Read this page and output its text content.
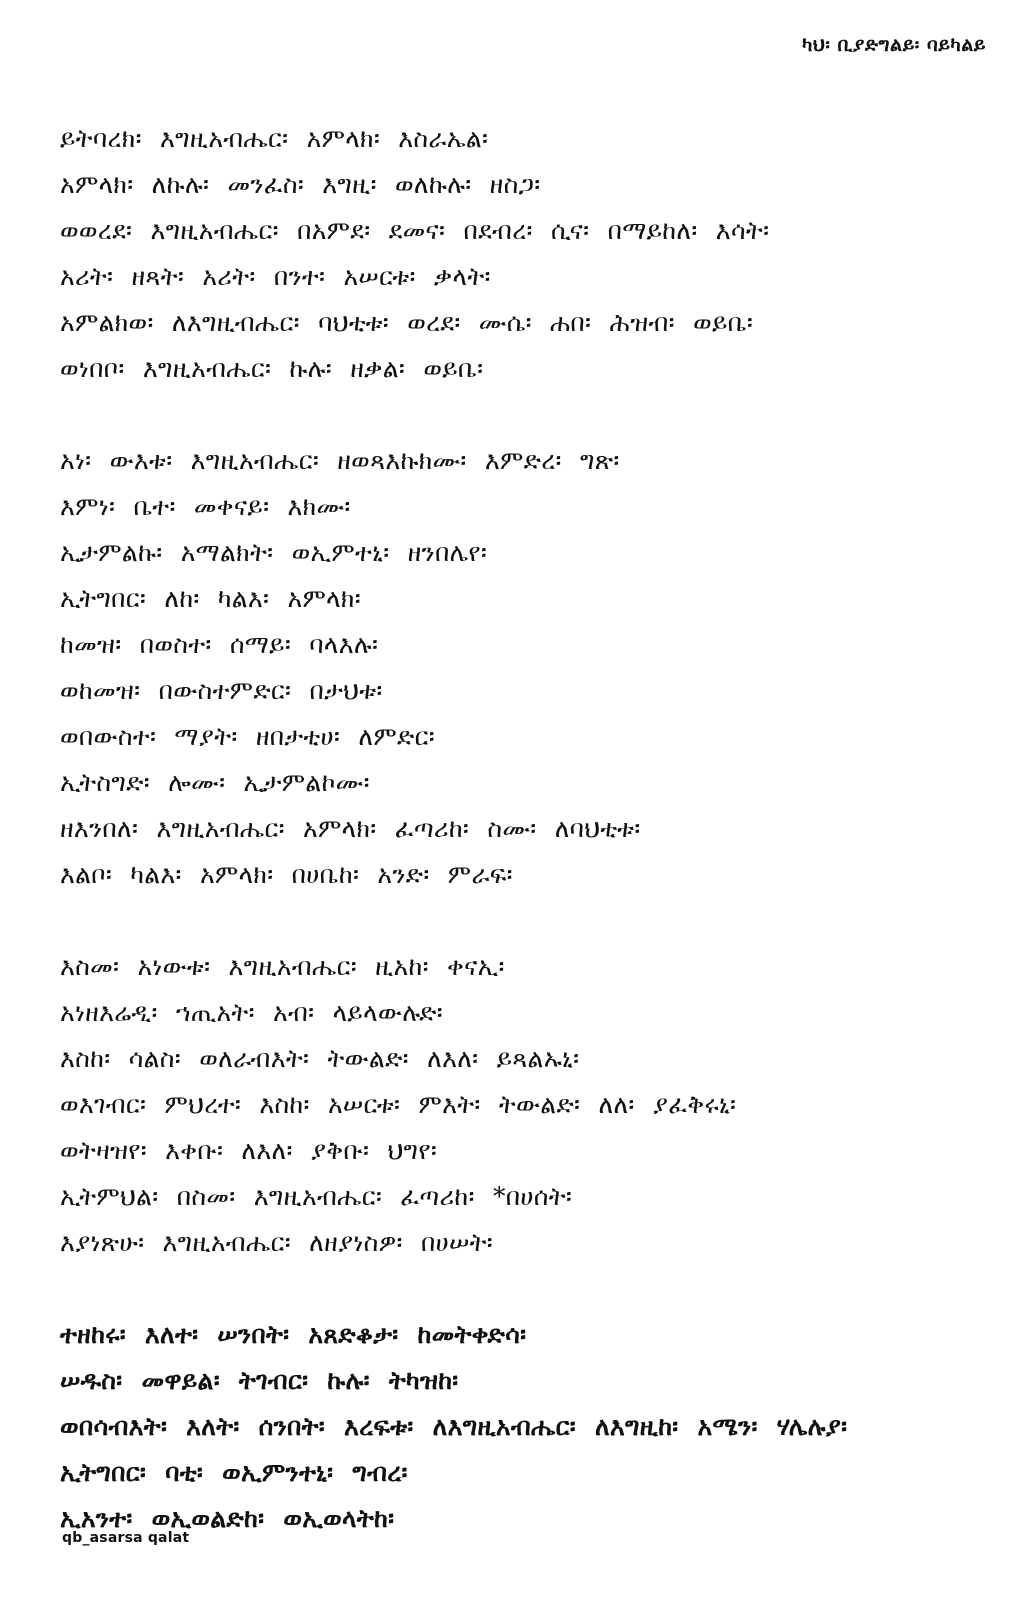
ካህ፡ ቢያድግልይ፡ ባይካልይ
ይትባረክ፡ እግዚአብሔር፡ አምላክ፡ እስራኤል፡
አምላክ፡ ለኩሉ፡ መንፈስ፡ እግዚ፡ ወለኩሉ፡ ዘስጋ፡
ወወረደ፡ እግዚአብሔር፡ በአምደ፡ ደመና፡ በደብረ፡ ሲና፡ በማይከለ፡ እሳት፡
አሪት፡ ዘጻት፡ አሪት፡ በንተ፡ አሠርቱ፡ ቃላት፡
አምልክወ፡ ለእግዚብሔር፡ ባህቲቱ፡ ወረደ፡ ሙሴ፡ ሐበ፡ ሕዝብ፡ ወይቤ፡
ወነበቦ፡ እግዚአብሔር፡ ኩሉ፡ ዘቃል፡ ወይቤ፡
አነ፡ ውእቱ፡ እግዚአብሔር፡ ዘወጻእኩክሙ፡ እምድረ፡ ግጽ፡
እምነ፡ ቤተ፡ መቀናይ፡ እክሙ፡
ኢታምልኩ፡ አማልክት፡ ወኢምተኒ፡ ዘንበሌየ፡
ኢትግበር፡ ለከ፡ ካልእ፡ አምላክ፡
ከመዝ፡ በወስተ፡ ሰማይ፡ ባላእሉ፡
ወከመዝ፡ በውስተምድር፡ በታህቱ፡
ወበውስተ፡ ማያት፡ ዘበታቲሀ፡ ለምድር፡
ኢትስግድ፡ ሎሙ፡ ኢታምልኮሙ፡
ዘእንበለ፡ እግዚአብሔር፡ አምላክ፡ ፈጣሪከ፡ ስሙ፡ ለባህቲቱ፡
እልቦ፡ ካልእ፡ አምላክ፡ በሀቤከ፡ አንድ፡ ምራፍ፡
እስመ፡ አነውቱ፡ እግዚአብሔር፡ ዚአከ፡ ቀናኢ፡
አነዘእሬዲ፡ ኀጢአት፡ አብ፡ ላይላውሉድ፡
እስከ፡ ሳልስ፡ ወለራብእት፡ ትውልድ፡ ለእለ፡ ይጻልኡኒ፡
ወእገብር፡ ምህረተ፡ እስከ፡ አሠርቱ፡ ምእት፡ ትውልድ፡ ለለ፡ ያፈቅሩኒ፡
ወትዛዝየ፡ እቀቡ፡ ለእለ፡ ያቅቡ፡ ህግየ፡
ኢትምህል፡ በስመ፡ እግዚአብሔር፡ ፈጣሪከ፡ *በሀሰት፡
እያነጽሁ፡ እግዚአብሔር፡ ለዘያነስዎ፡ በሀሠት፡
ተዘከሩ፡ እለተ፡ ሠንበት፡ አጸድቆታ፡ ከመትቀድሳ፡
ሠዱስ፡ መዋይል፡ ትገብር፡ ኩሉ፡ ትካዝከ፡
ወበሳብእት፡ እለት፡ ሰንበት፡ እረፍቱ፡ ለእግዚአብሔር፡ ለእግዚከ፡ አሜን፡ ሃሌሉያ፡
ኢትግበር፡ ባቲ፡ ወኢምንተኒ፡ ግብረ፡
ኢአንተ፡ ወኢወልድከ፡ ወኢወላትከ፡
qb_asarsa qalat
